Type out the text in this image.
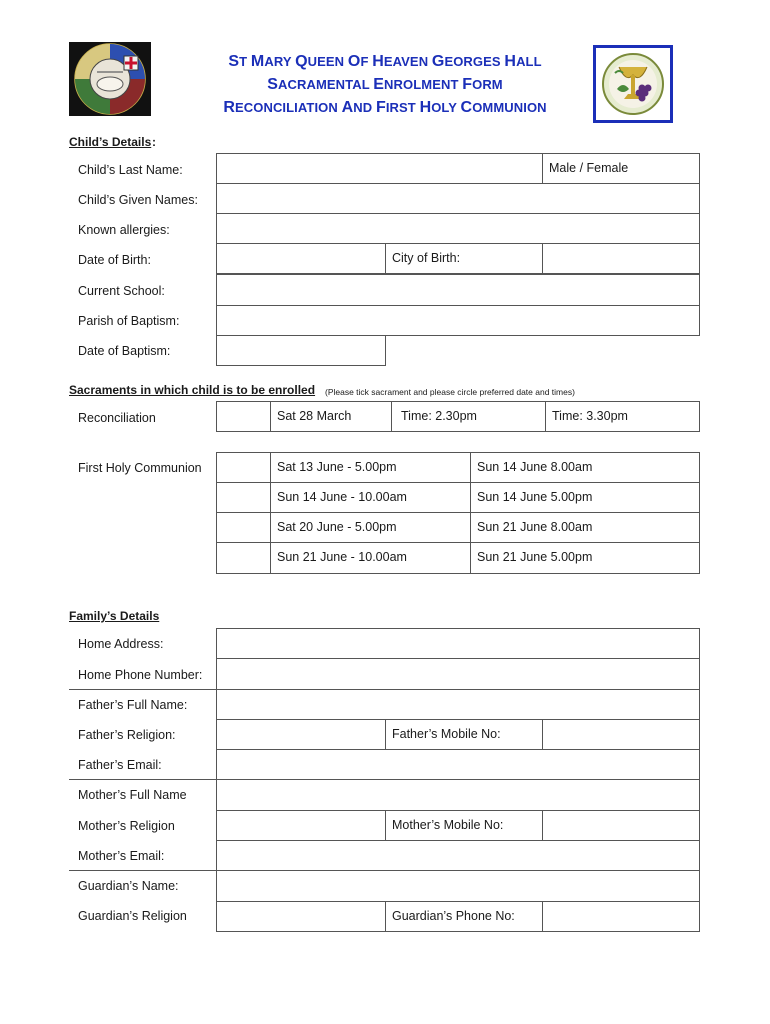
ST MARY QUEEN OF HEAVEN GEORGES HALL
SACRAMENTAL ENROLMENT FORM
RECONCILIATION AND FIRST HOLY COMMUNION
Child’s Details :
Child’s Last Name:	Male / Female
Child’s Given Names:
Known allergies:
Date of Birth:	City of Birth:
Current School:
Parish of Baptism:
Date of Baptism:
Sacraments in which child is to be enrolled (Please tick sacrament and please circle preferred date and times)
Reconciliation	Sat 28 March	Time: 2.30pm	Time: 3.30pm
First Holy Communion	Sat 13 June - 5.00pm	Sun 14 June 8.00am
Sun 14 June - 10.00am	Sun 14 June 5.00pm
Sat 20 June - 5.00pm	Sun 21 June 8.00am
Sun 21 June - 10.00am	Sun 21 June 5.00pm
Family’s Details
Home Address:
Home Phone Number:
Father’s Full Name:
Father’s Religion:	Father’s Mobile No:
Father’s Email:
Mother’s Full Name
Mother’s Religion	Mother’s Mobile No:
Mother’s Email:
Guardian’s Name:
Guardian’s Religion	Guardian’s Phone No:
